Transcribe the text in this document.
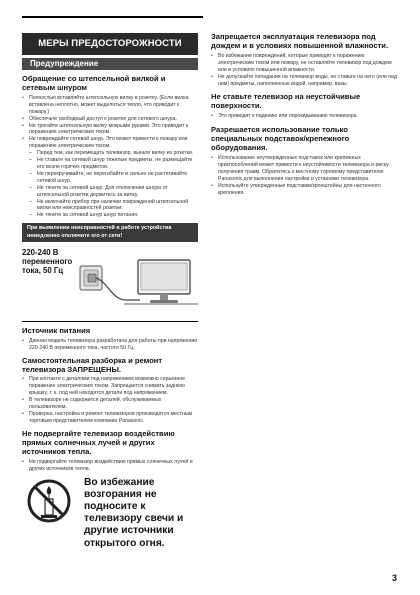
МЕРЫ ПРЕДОСТОРОЖНОСТИ
Предупреждение
Обращение со штепсельной вилкой и сетевым шнуром
▪ Полностью вставляйте штепсельную вилку в розетку. (Если вилка вставлена неплотно, может выделяться тепло, что приводит к пожару.)
▪ Обеспечьте свободный доступ к розетке для сетевого шнура.
▪ Не трогайте штепсельную вилку мокрыми руками. Это приводит к поражению электрическим током.
▪ Не повреждайте сетевой шнур. Это может привести к пожару или поражению электрическим током.
– Перед тем, как перемещать телевизор, выньте вилку из розетки.
– Не ставьте на сетевой шнур тяжелые предметы, не размещайте его возле горячих предметов.
– Не перекручивайте, не перегибайте и сильно не растягивайте сетевой шнур.
– Не тяните за сетевой шнур. Для отключения шнура от штепсельной розетки держитесь за вилку.
– Не включайте прибор при наличии повреждений штепсельной вилки или неисправностей розетки.
– Не тяните за сетевой шнур шнур питания.
При выявлении неисправностей в работе устройства немедленно отключите его от сети!
220-240 В переменного тока, 50 Гц
Источник питания
▪ Данная модель телевизора разработана для работы при напряжении 220-240 В переменного тока, частоте 50 Гц.
Самостоятельная разборка и ремонт телевизора ЗАПРЕЩЕНЫ.
▪ При контакте с деталями под напряжением возможно серьезное поражение электрическим током. Запрещается снимать заднюю крышку, т. к. под ней находятся детали под напряжением.
▪ В телевизоре не содержится деталей, обслуживаемых пользователем.
▪ Проверка, настройка и ремонт телевизоров производятся местным торговым представителем компании Panasonic.
Не подвергайте телевизор воздействию прямых солнечных лучей и других источников тепла.
▪ Не подвергайте телевизор воздействию прямых солнечных лучей и других источников тепла.
Во избежание возгорания не подносите к телевизору свечи и другие источники открытого огня.
Запрещается эксплуатация телевизора под дождем и в условиях повышенной влажности.
▪ Во избежание повреждений, которые приводят к поражению электрическим током или пожару, не оставляйте телевизор под дождем или в условиях повышенной влажности.
▪ Не допускайте попадания на телевизор воды, не ставьте на него (или над ним) предметы, наполненные водой, например, вазы.
Не ставьте телевизор на неустойчивые поверхности.
▪ Это приводит к падению или опрокидыванию телевизора.
Разрешается использование только специальных подставок/крепежного оборудования.
▪ Использование неутвержденных подставок или крепежных приспособлений может привести к неустойчивости телевизора и риску получения травм. Обратитесь к местному торговому представителю Panasonic для выполнения настройки и установки телевизора.
▪ Используйте утвержденные подставки/кронштейны для настенного крепления.
3
